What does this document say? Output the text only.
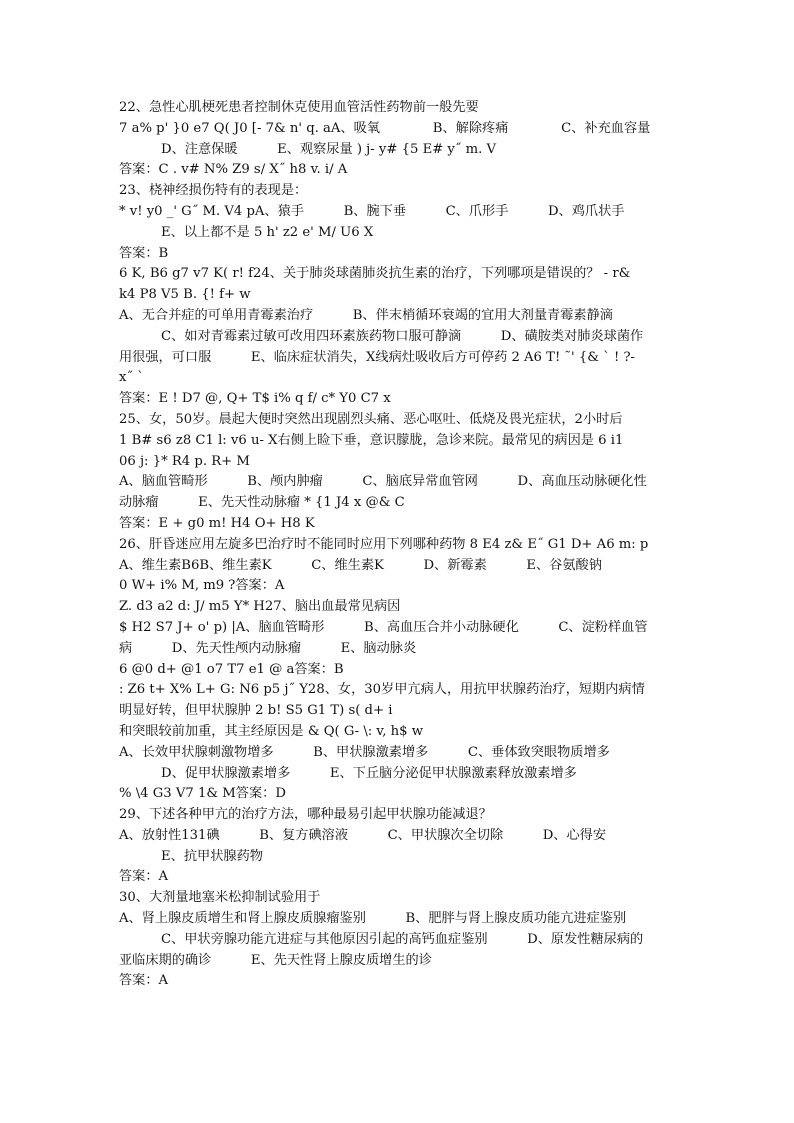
22、急性心肌梗死患者控制休克使用血管活性药物前一般先要

7 a% p' }0 e7 Q( J0 [- 7& n' q. aA、吸氧　　　　B、解除疼痛　　　　C、补充血容量

D、注意保暖　　　E、观察尿量 ) j- y# {5 E# y˝ m. V

答案：C . v# N% Z9 s/ X˝ h8 v. i/ A

23、桡神经损伤特有的表现是：

* v! y0 _' G˝ M. V4 pA、猿手　　　B、腕下垂　　　C、爪形手　　　D、鸡爪状手

E、以上都不是 5 h' z2 e' M/ U6 X

答案：B

6 K, B6 g7 v7 K( r! f24、关于肺炎球菌肺炎抗生素的治疗，下列哪项是错误的？ - r&

k4 P8 V5 B. {! f+ w

A、无合并症的可单用青霉素治疗　　　B、伴末梢循环衰竭的宜用大剂量青霉素静滴

C、如对青霉素过敏可改用四环素族药物口服可静滴　　　D、磺胺类对肺炎球菌作

用很强，可口服　　　E、临床症状消失，X线病灶吸收后方可停药 2 A6 T! ˜' {& ` ! ?-

x˝ `

答案：E ! D7 @, Q+ T$ i% q f/ c* Y0 C7 x

25、女，50岁。晨起大便时突然出现剧烈头痛、恶心呕吐、低烧及畏光症状，2小时后

1 B# s6 z8 C1 l: v6 u- X右侧上睑下垂，意识朦胧，急诊来院。最常见的病因是 6 i1

06 j: }* R4 p. R+ M

A、脑血管畸形　　　B、颅内肿瘤　　　C、脑底异常血管网　　　D、高血压动脉硬化性

动脉瘤　　　E、先天性动脉瘤 * {1 J4 x @& C

答案：E + g0 m! H4 O+ H8 K

26、肝昏迷应用左旋多巴治疗时不能同时应用下列哪种药物 8 E4 z& E˝ G1 D+ A6 m: p

A、维生素B6B、维生素K　　　C、维生素K　　　D、新霉素　　　E、谷氨酸钠

0 W+ i% M, m9 ?答案：A

Z. d3 a2 d: J/ m5 Y* H27、脑出血最常见病因

$ H2 S7 J+ o' p) |A、脑血管畸形　　　B、高血压合并小动脉硬化　　　C、淀粉样血管

病　　　D、先天性颅内动脉瘤　　　E、脑动脉炎

6 @0 d+ @1 o7 T7 e1 @ a答案：B

: Z6 t+ X% L+ G: N6 p5 j˝ Y28、女，30岁甲亢病人，用抗甲状腺药治疗，短期内病情

明显好转，但甲状腺肿 2 b! S5 G1 T) s( d+ i

和突眼较前加重，其主经原因是 & Q( G- \: v, h$ w

A、长效甲状腺刺激物增多　　　B、甲状腺激素增多　　　C、垂体致突眼物质增多

D、促甲状腺激素增多　　　E、下丘脑分泌促甲状腺激素释放激素增多

% \4 G3 V7 1& M答案：D

29、下述各种甲亢的治疗方法，哪种最易引起甲状腺功能减退？

A、放射性131碘　　　B、复方碘溶液　　　C、甲状腺次全切除　　　D、心得安

E、抗甲状腺药物

答案：A

30、大剂量地塞米松抑制试验用于

A、肾上腺皮质增生和肾上腺皮质腺瘤鉴别　　　B、肥胖与肾上腺皮质功能亢进症鉴别

C、甲状旁腺功能亢进症与其他原因引起的高钙血症鉴别　　　D、原发性糖尿病的

亚临床期的确诊　　　E、先天性肾上腺皮质增生的诊

答案：A
